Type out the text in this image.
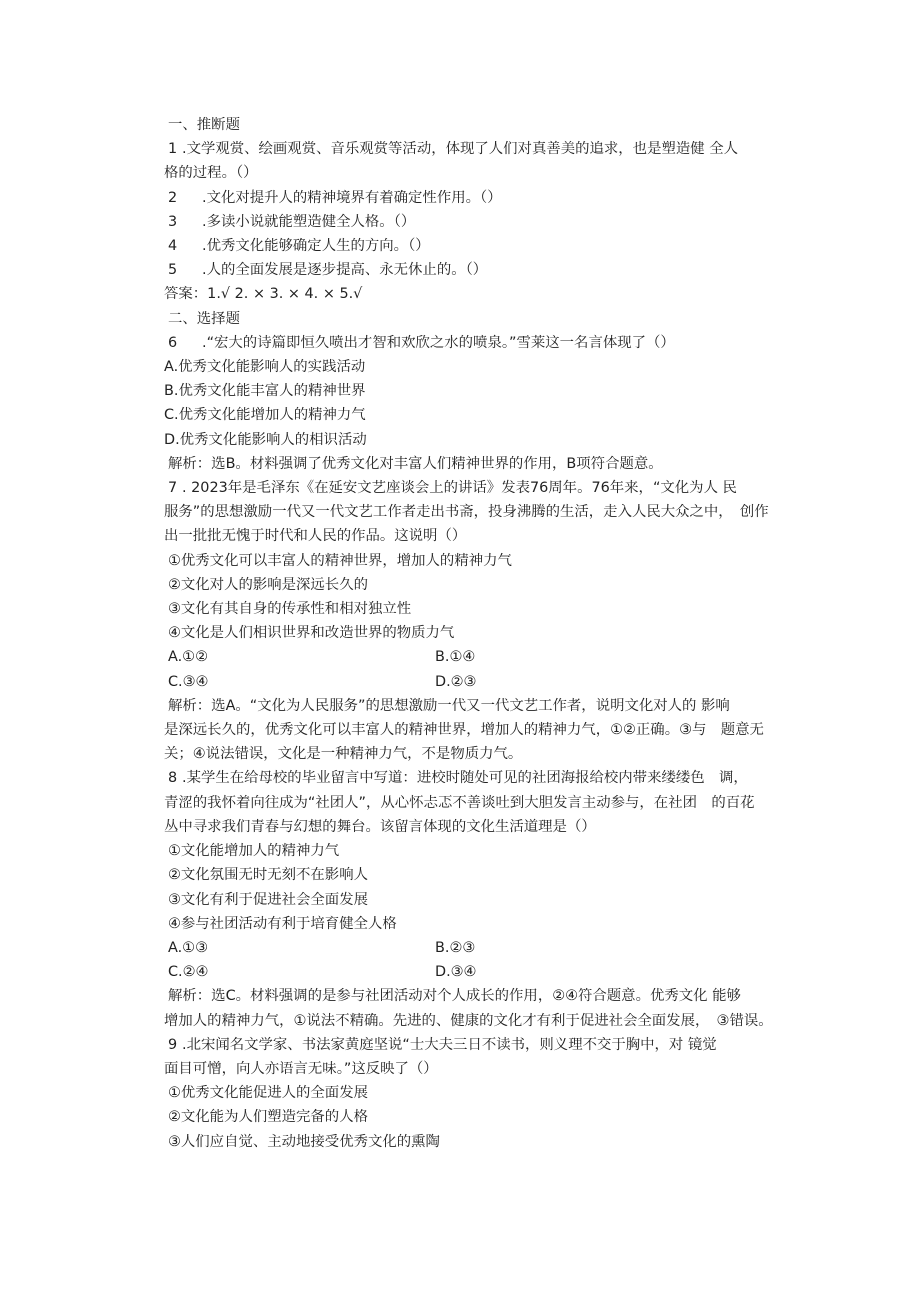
一、推断题
1 .文学观赏、绘画观赏、音乐观赏等活动，体现了人们对真善美的追求，也是塑造健 全人
格的过程。（）
2 .文化对提升人的精神境界有着确定性作用。（）
3 .多读小说就能塑造健全人格。（）
4 .优秀文化能够确定人生的方向。（）
5 .人的全面发展是逐步提高、永无休止的。（）
答案：1.√ 2. × 3. × 4. × 5.√
二、选择题
6 .“宏大的诗篇即恒久喷出才智和欢欣之水的喷泉。”雪莱这一名言体现了（）
A.优秀文化能影响人的实践活动
B.优秀文化能丰富人的精神世界
C.优秀文化能增加人的精神力气
D.优秀文化能影响人的相识活动
解析：选B。材料强调了优秀文化对丰富人们精神世界的作用，B项符合题意。
7 . 2023年是毛泽东《在延安文艺座谈会上的讲话》发表76周年。76年来，“文化为人 民
服务”的思想激励一代又一代文艺工作者走出书斋，投身沸腾的生活，走入人民大众之中，　创作
出一批批无愧于时代和人民的作品。这说明（）
①优秀文化可以丰富人的精神世界，增加人的精神力气
②文化对人的影响是深远长久的
③文化有其自身的传承性和相对独立性
④文化是人们相识世界和改造世界的物质力气
A.①②	B.①④
C.③④	D.②③
解析：选A。“文化为人民服务”的思想激励一代又一代文艺工作者，说明文化对人的 影响
是深远长久的，优秀文化可以丰富人的精神世界，增加人的精神力气，①②正确。③与　题意无
关；④说法错误，文化是一种精神力气，不是物质力气。
8 .某学生在给母校的毕业留言中写道：进校时随处可见的社团海报给校内带来缕缕色　调，
青涩的我怀着向往成为“社团人”，从心怀忐忑不善谈吐到大胆发言主动参与，在社团　的百花
丛中寻求我们青春与幻想的舞台。该留言体现的文化生活道理是（）
①文化能增加人的精神力气
②文化氛围无时无刻不在影响人
③文化有利于促进社会全面发展
④参与社团活动有利于培育健全人格
A.①③	B.②③
C.②④	D.③④
解析：选C。材料强调的是参与社团活动对个人成长的作用，②④符合题意。优秀文化 能够
增加人的精神力气，①说法不精确。先进的、健康的文化才有利于促进社会全面发展，　③错误。
9 .北宋闻名文学家、书法家黄庭坚说“士大夫三日不读书，则义理不交于胸中，对 镜觉
面目可憎，向人亦语言无味。”这反映了（）
①优秀文化能促进人的全面发展
②文化能为人们塑造完备的人格
③人们应自觉、主动地接受优秀文化的熏陶
